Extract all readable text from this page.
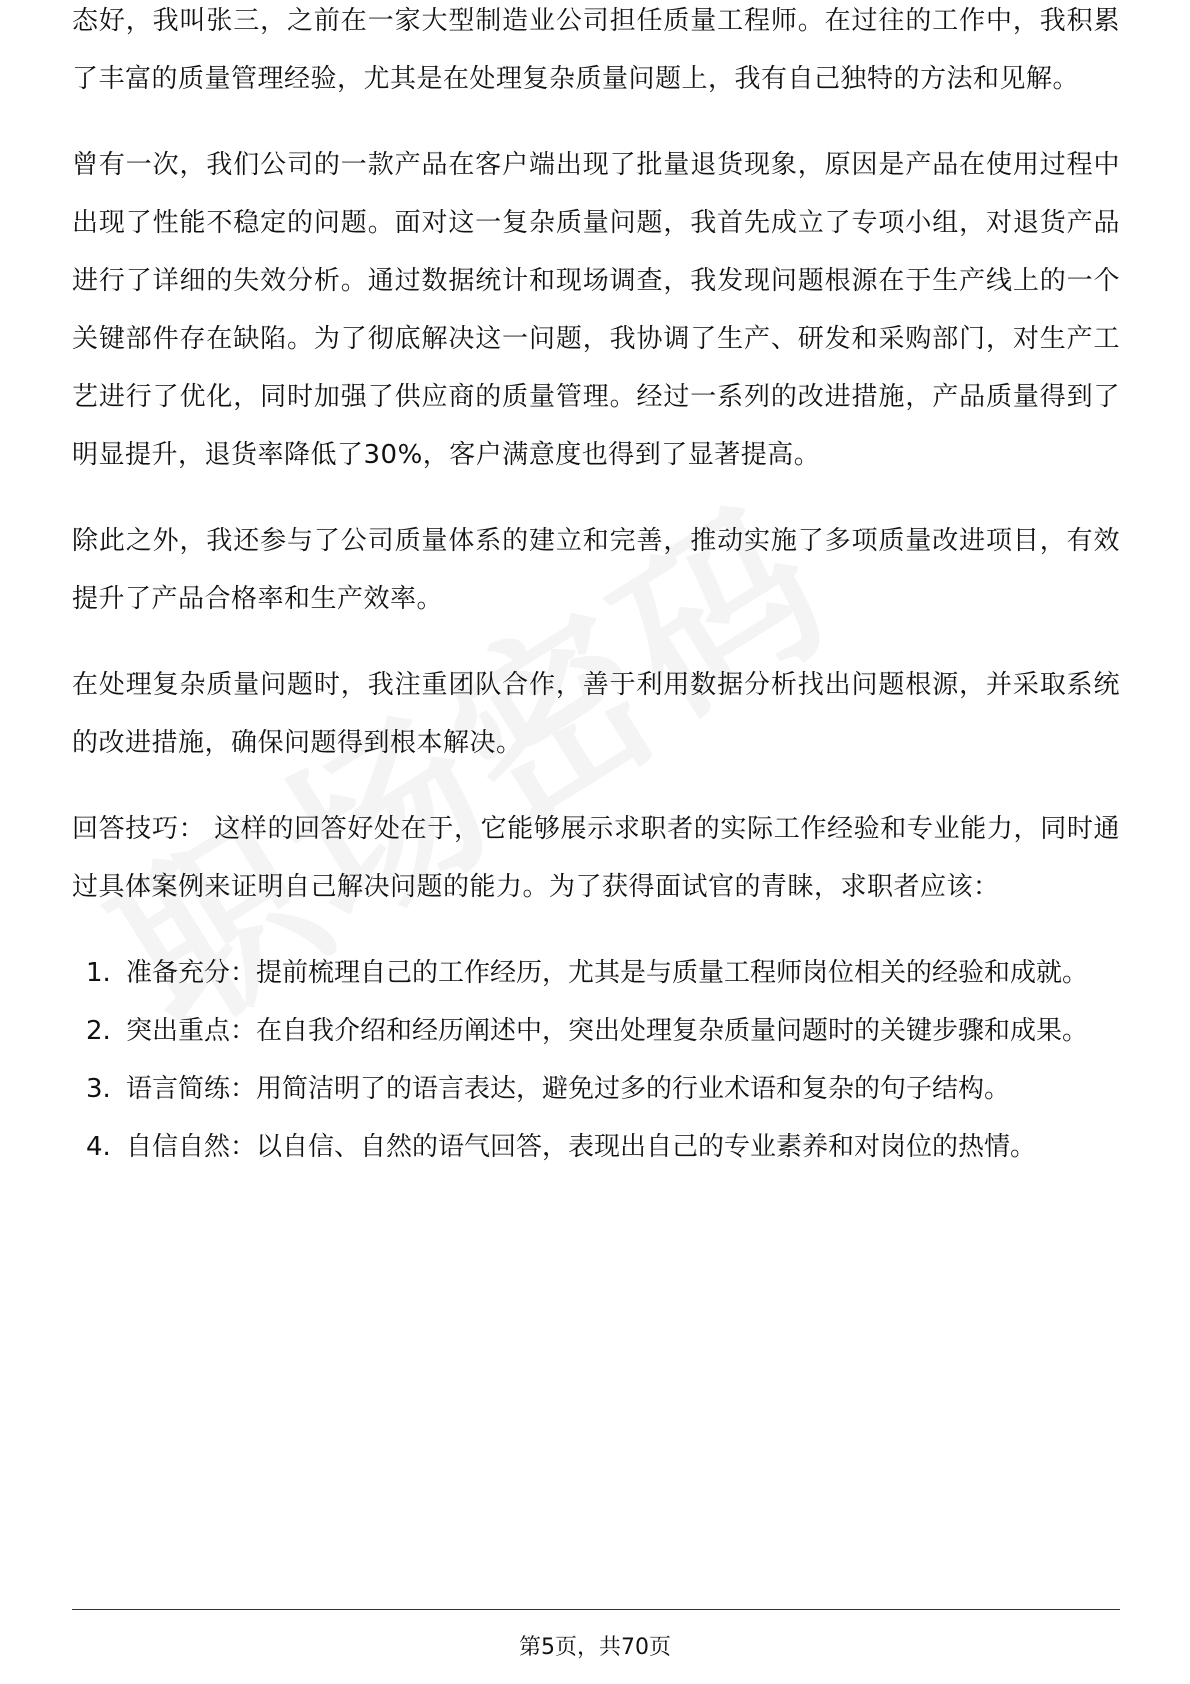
态好，我叫张三，之前在一家大型制造业公司担任质量工程师。在过往的工作中，我积累了丰富的质量管理经验，尤其是在处理复杂质量问题上，我有自己独特的方法和见解。

曾有一次，我们公司的一款产品在客户端出现了批量退货现象，原因是产品在使用过程中出现了性能不稳定的问题。面对这一复杂质量问题，我首先成立了专项小组，对退货产品进行了详细的失效分析。通过数据统计和现场调查，我发现问题根源在于生产线上的一个关键部件存在缺陷。为了彻底解决这一问题，我协调了生产、研发和采购部门，对生产工艺进行了优化，同时加强了供应商的质量管理。经过一系列的改进措施，产品质量得到了明显提升，退货率降低了30%，客户满意度也得到了显著提高。

除此之外，我还参与了公司质量体系的建立和完善，推动实施了多项质量改进项目，有效提升了产品合格率和生产效率。

在处理复杂质量问题时，我注重团队合作，善于利用数据分析找出问题根源，并采取系统的改进措施，确保问题得到根本解决。

回答技巧： 这样的回答好处在于，它能够展示求职者的实际工作经验和专业能力，同时通过具体案例来证明自己解决问题的能力。为了获得面试官的青睐，求职者应该：

1. 准备充分：提前梳理自己的工作经历，尤其是与质量工程师岗位相关的经验和成就。
2. 突出重点：在自我介绍和经历阐述中，突出处理复杂质量问题时的关键步骤和成果。
3. 语言简练：用简洁明了的语言表达，避免过多的行业术语和复杂的句子结构。
4. 自信自然：以自信、自然的语气回答，表现出自己的专业素养和对岗位的热情。
第5页，共70页
